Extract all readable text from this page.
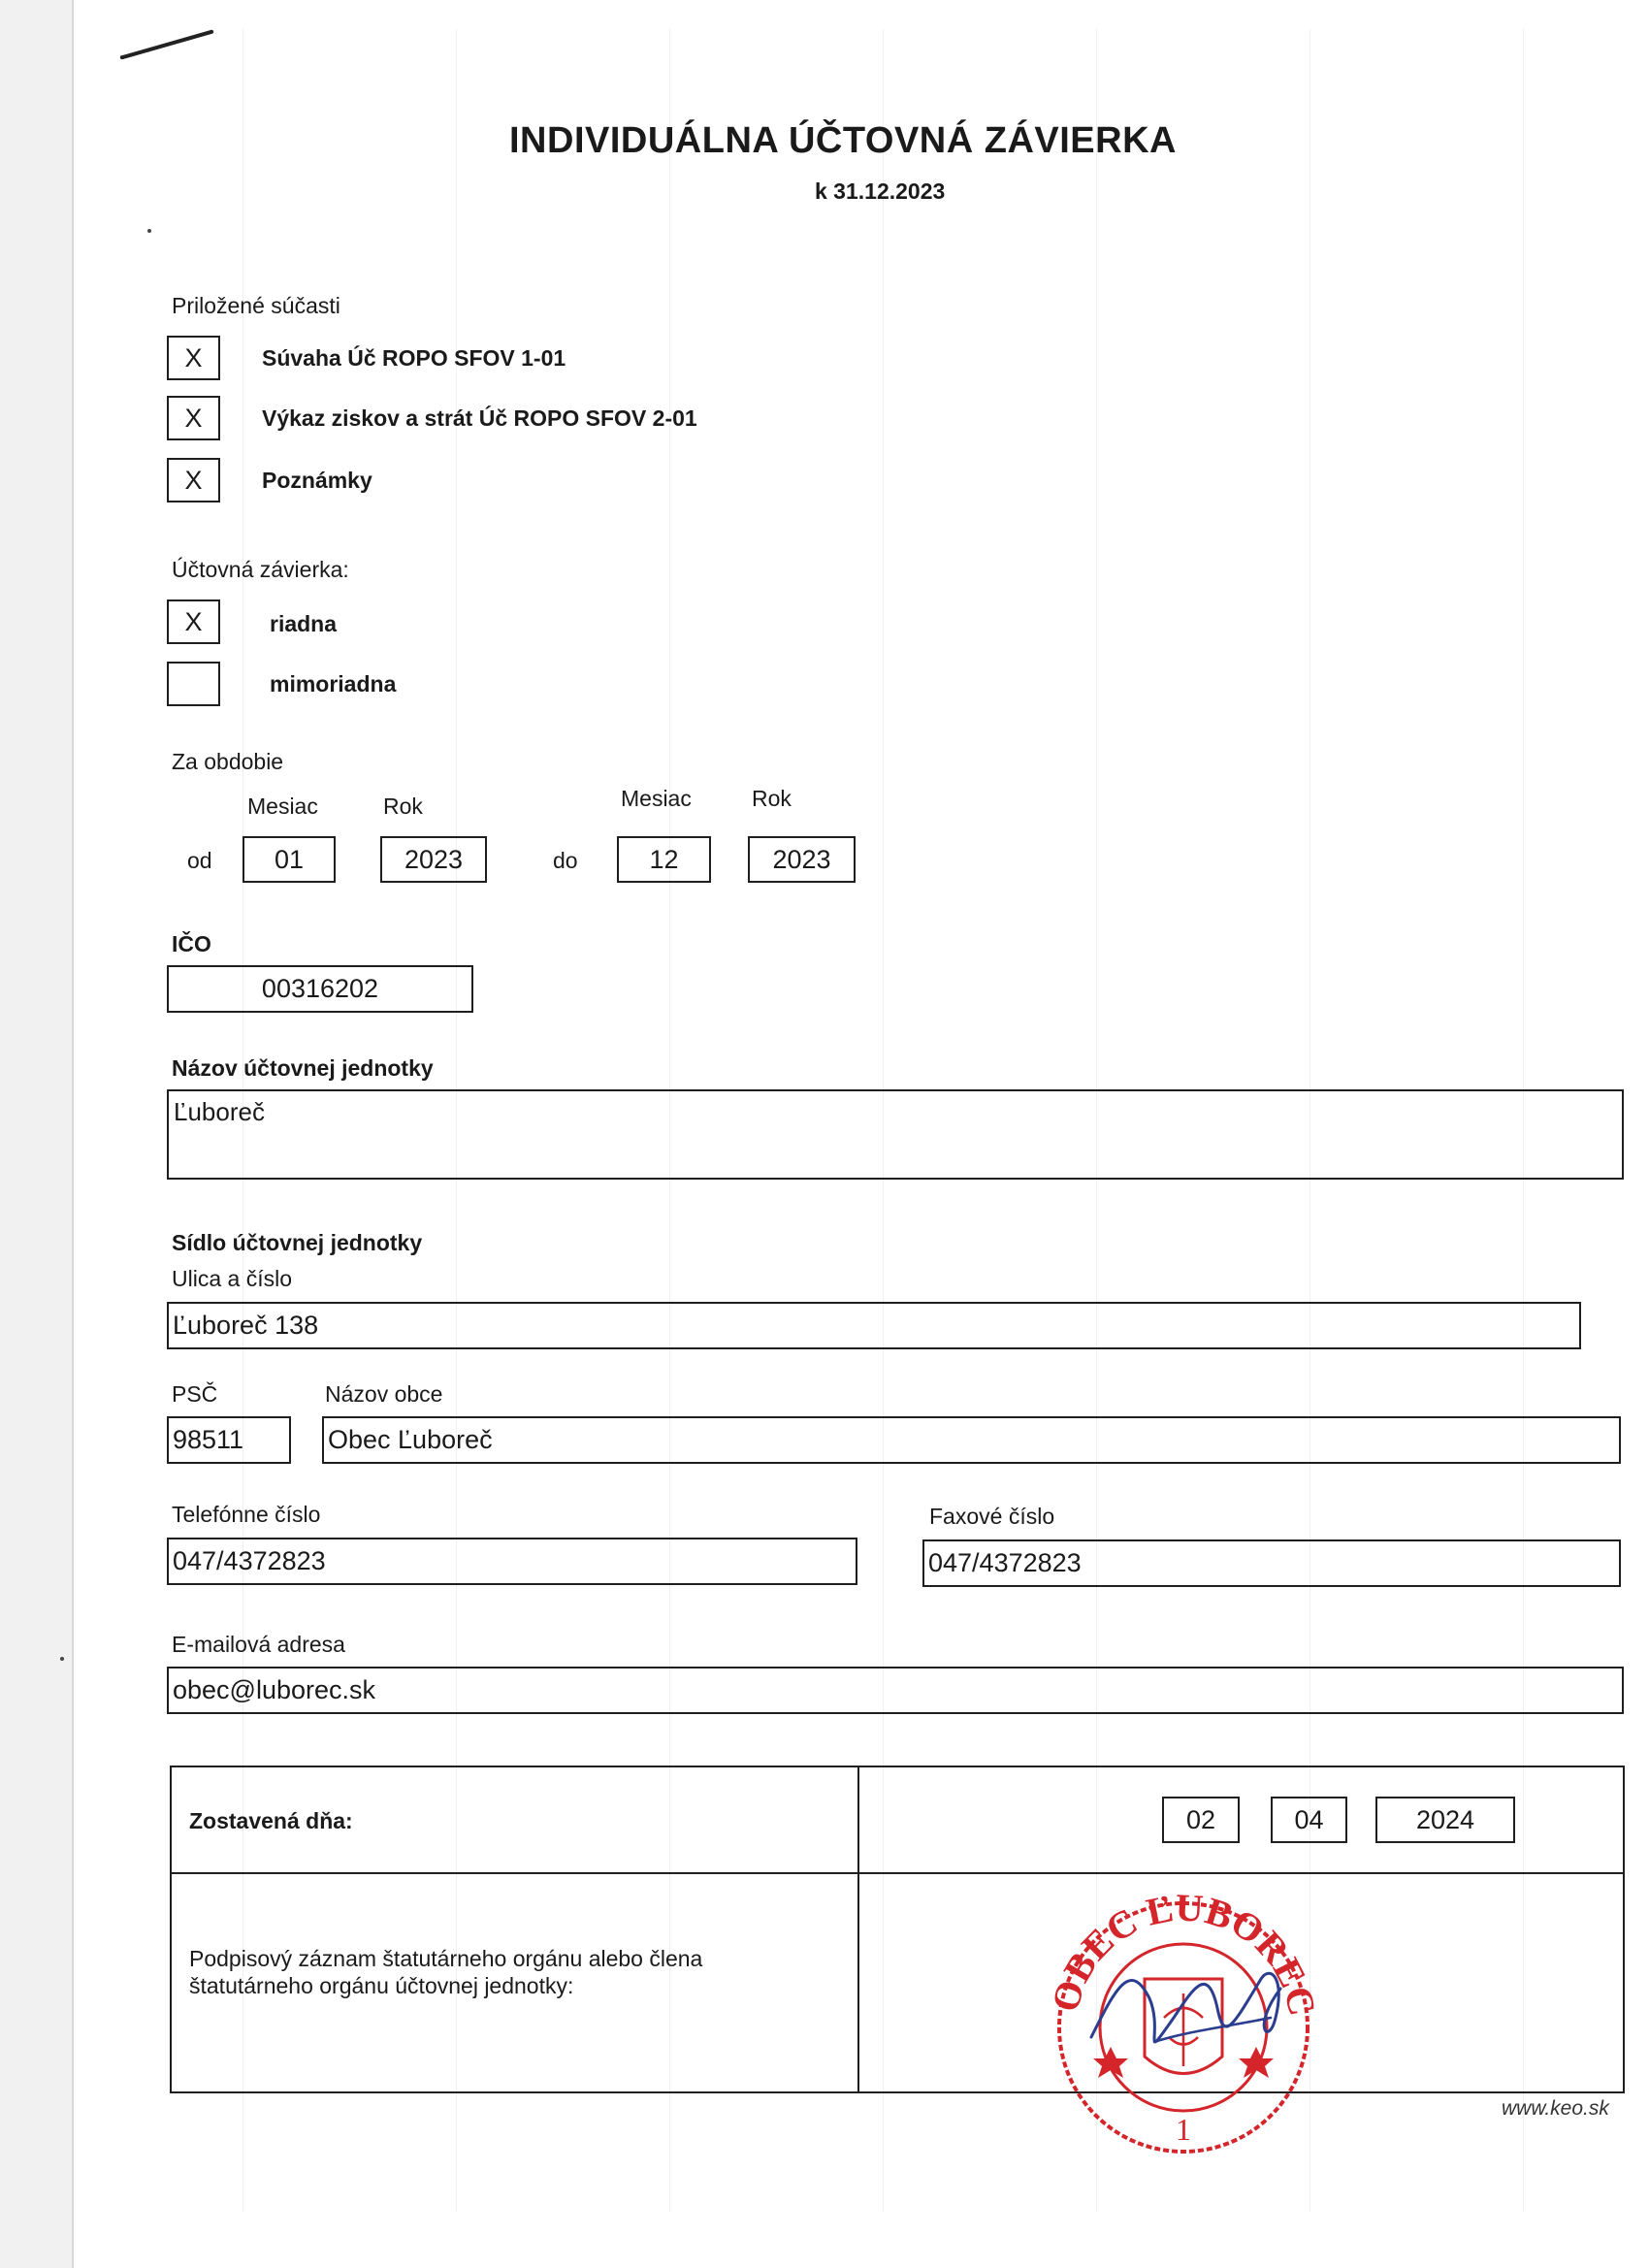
INDIVIDUÁLNA ÚČTOVNÁ ZÁVIERKA
k 31.12.2023
Priložené súčasti
X	Súvaha Úč ROPO SFOV 1-01
X	Výkaz ziskov a strát Úč ROPO SFOV 2-01
X	Poznámky
Účtovná závierka:
X	riadna
mimoriadna
Za obdobie
Mesiac	Rok	Mesiac	Rok
od 01	2023	do	12	2023
IČO
00316202
Názov účtovnej jednotky
Ľuboreč
Sídlo účtovnej jednotky
Ulica a číslo
Ľuboreč 138
PSČ	Názov obce
98511	Obec Ľuboreč
Telefónne číslo	Faxové číslo
047/4372823	047/4372823
E-mailová adresa
obec@luborec.sk
Zostavená dňa:	02	04	2024
Podpisový záznam štatutárneho orgánu alebo člena
štatutárneho orgánu účtovnej jednotky:	OBEC ĽUBOREC
1
www.keo.sk
